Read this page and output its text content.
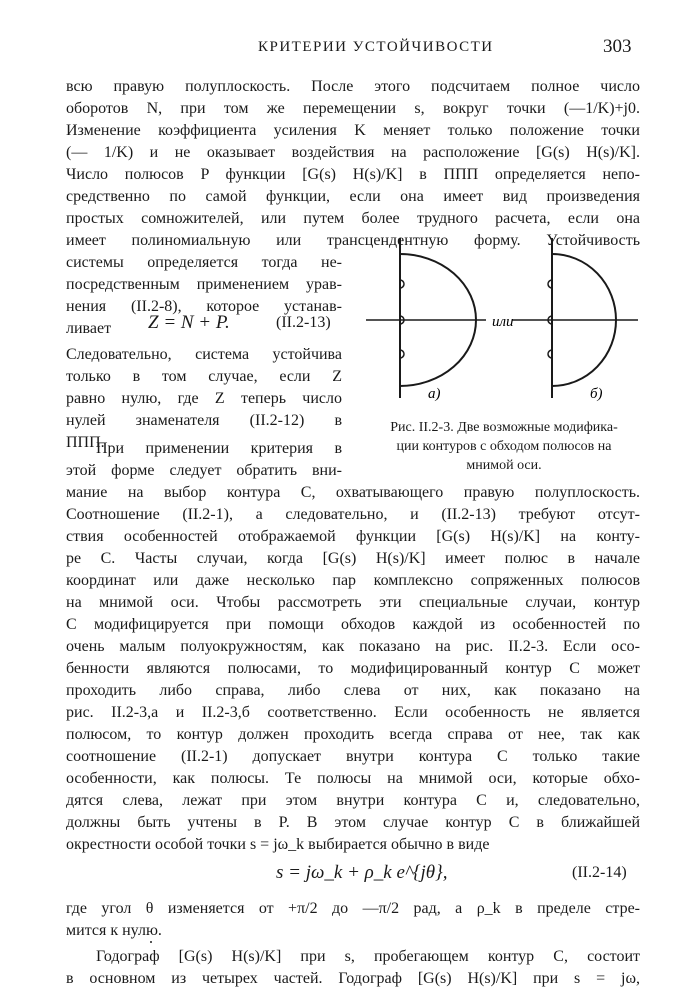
КРИТЕРИИ УСТОЙЧИВОСТИ	303
всю правую полуплоскость. После этого подсчитаем полное число
оборотов N, при том же перемещении s, вокруг точки (—1/K)+j0.
Изменение коэффициента усиления K меняет только положение точки
(— 1/K) и не оказывает воздействия на расположение [G(s) H(s)/K].
Число полюсов P функции [G(s) H(s)/K] в ППП определяется непо-
средственно по самой функции, если она имеет вид произведения
простых сомножителей, или путем более трудного расчета, если она
имеет полиномиальную или трансцендентную форму. Устойчивость
системы определяется тогда не-
посредственным применением урав-
нения (II.2-8), которое устанав-
ливает	Z = N + P.	(II.2-13)
Следовательно, система устойчива
только в том случае, если Z
равно нулю, где Z теперь число
нулей знаменателя (II.2-12) в
ППП.
При применении критерия в
этой форме следует обратить вни-
или
а)	б)
Рис. II.2-3. Две возможные модифика-
ции контуров с обходом полюсов на
мнимой оси.
мание на выбор контура C, охватывающего правую полуплоскость.
Соотношение (II.2-1), а следовательно, и (II.2-13) требуют отсут-
ствия особенностей отображаемой функции [G(s) H(s)/K] на конту-
ре C. Часты случаи, когда [G(s) H(s)/K] имеет полюс в начале
координат или даже несколько пар комплексно сопряженных полюсов
на мнимой оси. Чтобы рассмотреть эти специальные случаи, контур
C модифицируется при помощи обходов каждой из особенностей по
очень малым полуокружностям, как показано на рис. II.2-3. Если осо-
бенности являются полюсами, то модифицированный контур C может
проходить либо справа, либо слева от них, как показано на
рис. II.2-3,а и II.2-3,б соответственно. Если особенность не является
полюсом, то контур должен проходить всегда справа от нее, так как
соотношение (II.2-1) допускает внутри контура C только такие
особенности, как полюсы. Те полюсы на мнимой оси, которые обхо-
дятся слева, лежат при этом внутри контура C и, следовательно,
должны быть учтены в P. В этом случае контур C в ближайшей
окрестности особой точки s = jω_k выбирается обычно в виде
s = jω_k + ρ_k e^{jθ},	(II.2-14)
где угол θ изменяется от +π/2 до —π/2 рад, а ρ_k в пределе стре-
мится к нулю.
Годограф [G(s) H(s)/K] при s, пробегающем контур C, состоит
в основном из четырех частей. Годограф [G(s) H(s)/K] при s = jω,
